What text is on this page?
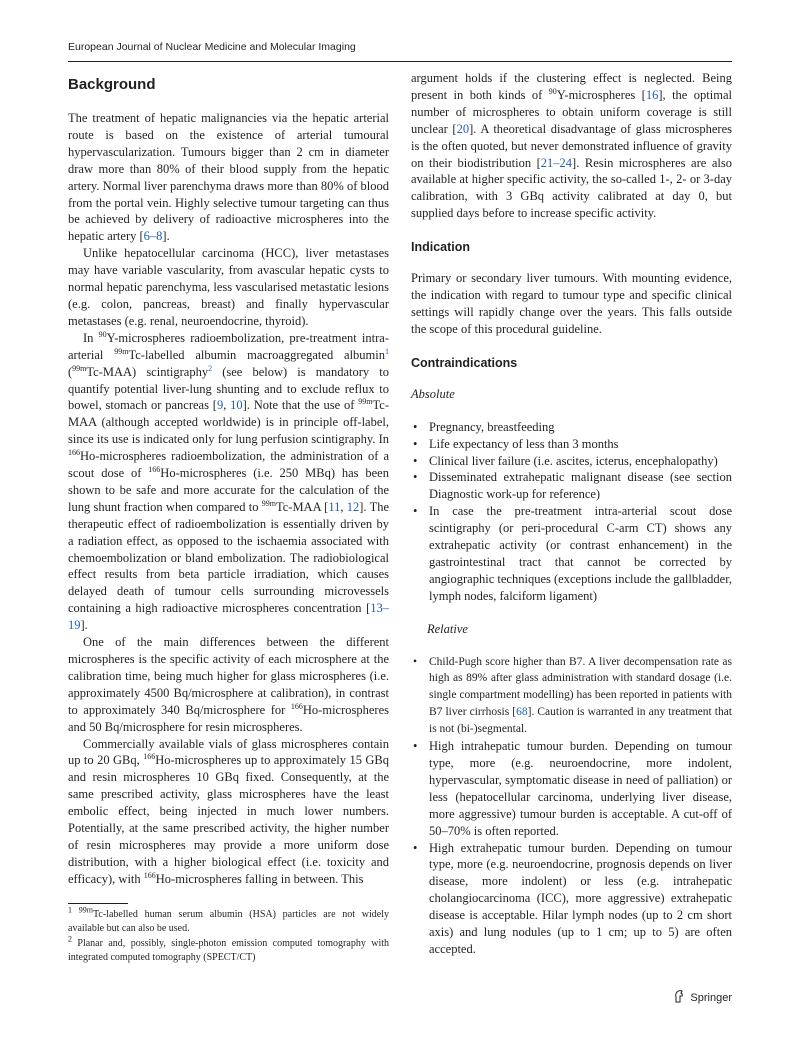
European Journal of Nuclear Medicine and Molecular Imaging
Background

The treatment of hepatic malignancies via the hepatic arterial route is based on the existence of arterial tumoural hypervascularization. Tumours bigger than 2 cm in diameter draw more than 80% of their blood supply from the hepatic artery. Normal liver parenchyma draws more than 80% of blood from the portal vein. Highly selective tumour targeting can thus be achieved by delivery of radioactive microspheres into the hepatic artery [6–8].

Unlike hepatocellular carcinoma (HCC), liver metastases may have variable vascularity, from avascular hepatic cysts to normal hepatic parenchyma, less vascularised metastatic lesions (e.g. colon, pancreas, breast) and finally hypervascular metastases (e.g. renal, neuroendocrine, thyroid).

In $^{90}$Y-microspheres radioembolization, pre-treatment intra-arterial $^{99m}$Tc-labelled albumin macroaggregated albumin$^1$ ($^{99m}$Tc-MAA) scintigraphy$^2$ (see below) is mandatory to quantify potential liver-lung shunting and to exclude reflux to bowel, stomach or pancreas [9, 10]. Note that the use of $^{99m}$Tc-MAA (although accepted worldwide) is in principle off-label, since its use is indicated only for lung perfusion scintigraphy. In $^{166}$Ho-microspheres radioembolization, the administration of a scout dose of $^{166}$Ho-microspheres (i.e. 250 MBq) has been shown to be safe and more accurate for the calculation of the lung shunt fraction when compared to $^{99m}$Tc-MAA [11, 12]. The therapeutic effect of radioembolization is essentially driven by a radiation effect, as opposed to the ischaemia associated with chemoembolization or bland embolization. The radiobiological effect results from beta particle irradiation, which causes delayed death of tumour cells surrounding microvessels containing a high radioactive microspheres concentration [13–19].

One of the main differences between the different microspheres is the specific activity of each microsphere at the calibration time, being much higher for glass microspheres (i.e. approximately 4500 Bq/microsphere at calibration), in contrast to approximately 340 Bq/microsphere for $^{166}$Ho-microspheres and 50 Bq/microsphere for resin microspheres.

Commercially available vials of glass microspheres contain up to 20 GBq, $^{166}$Ho-microspheres up to approximately 15 GBq and resin microspheres 10 GBq fixed. Consequently, at the same prescribed activity, glass microspheres have the least embolic effect, being injected in much lower numbers. Potentially, at the same prescribed activity, the higher number of resin microspheres may provide a more uniform dose distribution, with a higher biological effect (i.e. toxicity and efficacy), with $^{166}$Ho-microspheres falling in between. This

$^1$ $^{99m}$Tc-labelled human serum albumin (HSA) particles are not widely available but can also be used.
$^2$ Planar and, possibly, single-photon emission computed tomography with integrated computed tomography (SPECT/CT)

argument holds if the clustering effect is neglected. Being present in both kinds of $^{90}$Y-microspheres [16], the optimal number of microspheres to obtain uniform coverage is still unclear [20]. A theoretical disadvantage of glass microspheres is the often quoted, but never demonstrated influence of gravity on their biodistribution [21–24]. Resin microspheres are also available at higher specific activity, the so-called 1-, 2- or 3-day calibration, with 3 GBq activity calibrated at day 0, but supplied days before to increase specific activity.

Indication

Primary or secondary liver tumours. With mounting evidence, the indication with regard to tumour type and specific clinical settings will rapidly change over the years. This falls outside the scope of this procedural guideline.

Contraindications
Absolute
• Pregnancy, breastfeeding
• Life expectancy of less than 3 months
• Clinical liver failure (i.e. ascites, icterus, encephalopathy)
• Disseminated extrahepatic malignant disease (see section Diagnostic work-up for reference)
• In case the pre-treatment intra-arterial scout dose scintigraphy (or peri-procedural C-arm CT) shows any extrahepatic activity (or contrast enhancement) in the gastrointestinal tract that cannot be corrected by angiographic techniques (exceptions include the gallbladder, lymph nodes, falciform ligament)
Relative
• Child-Pugh score higher than B7. A liver decompensation rate as high as 89% after glass administration with standard dosage (i.e. single compartment modelling) has been reported in patients with B7 liver cirrhosis [68]. Caution is warranted in any treatment that is not (bi-)segmental.
• High intrahepatic tumour burden. Depending on tumour type, more (e.g. neuroendocrine, more indolent, hypervascular, symptomatic disease in need of palliation) or less (hepatocellular carcinoma, underlying liver disease, more aggressive) tumour burden is acceptable. A cut-off of 50–70% is often reported.
• High extrahepatic tumour burden. Depending on tumour type, more (e.g. neuroendocrine, prognosis depends on liver disease, more indolent) or less (e.g. intrahepatic cholangiocarcinoma (ICC), more aggressive) extrahepatic disease is acceptable. Hilar lymph nodes (up to 2 cm short axis) and lung nodules (up to 1 cm; up to 5) are often accepted.
Springer
